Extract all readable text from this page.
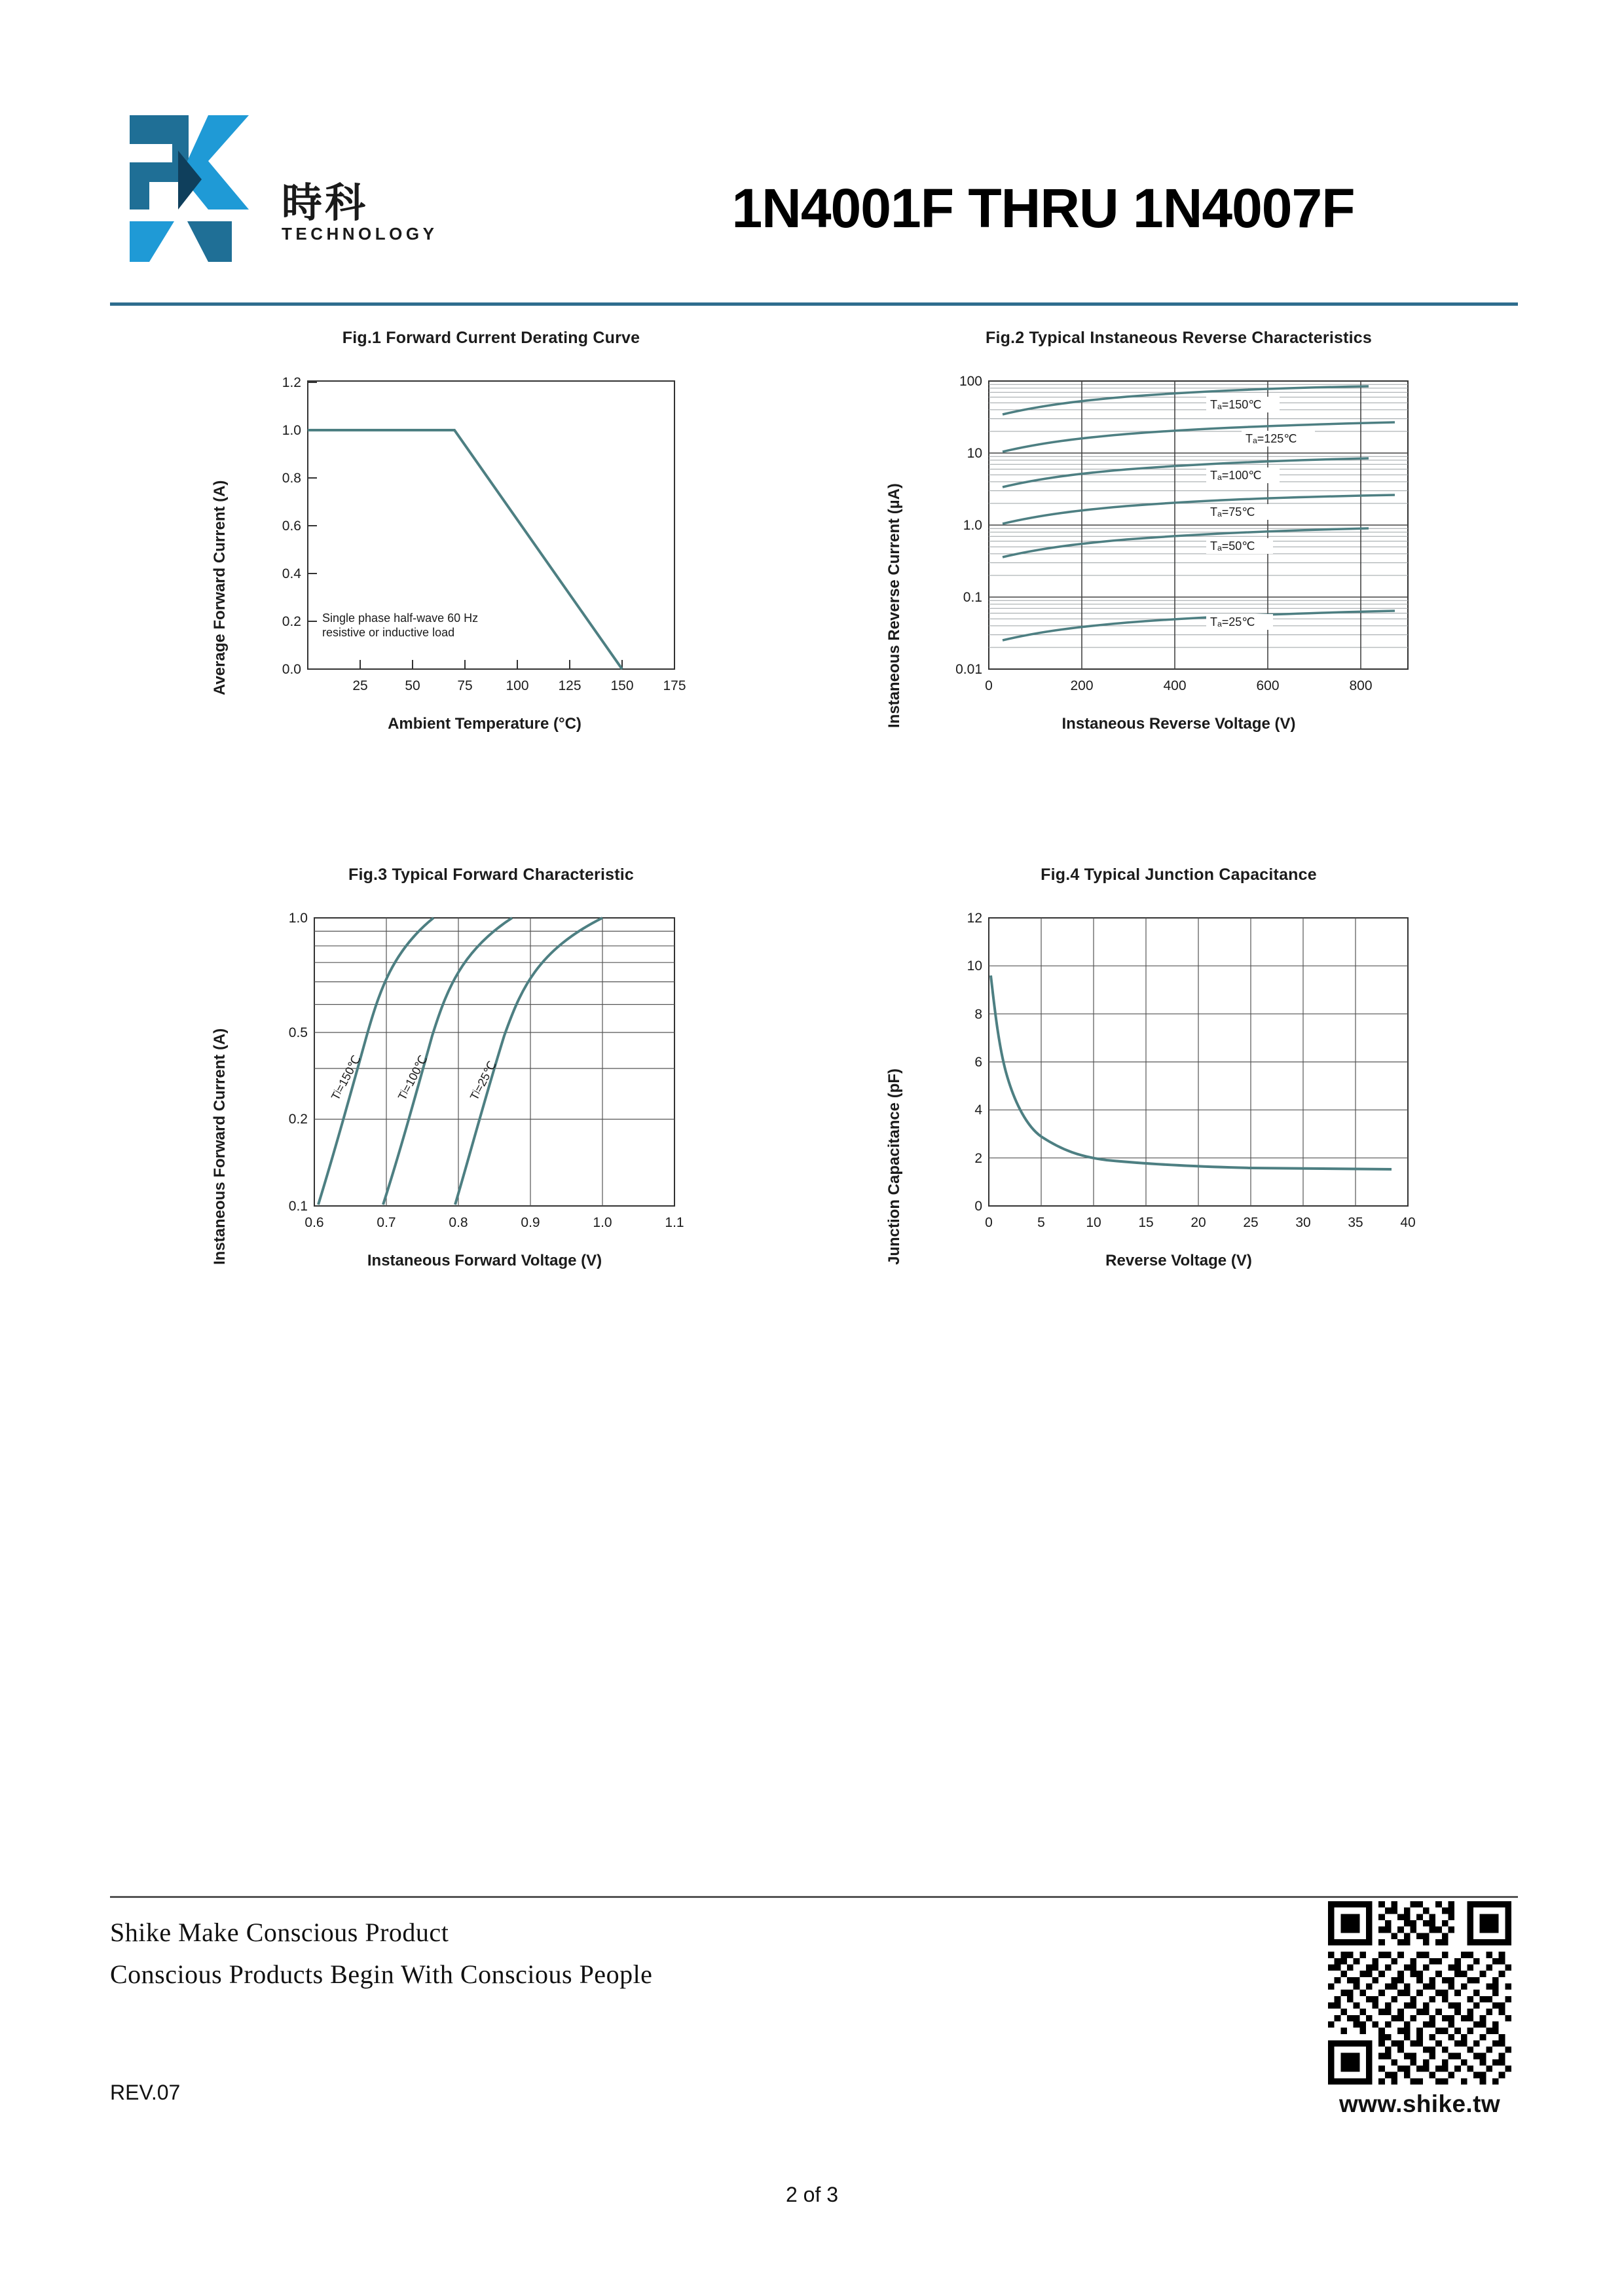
時科
TECHNOLOGY	1N4001F THRU 1N4007F
Fig.1 Forward Current Derating Curve
Average Forward Current (A)	0.0
0.2
0.4
0.6
0.8
1.0
1.2
25	50	75 100 125 150 175
Single phase half-wave 60 Hz
resistive or inductive load
Ambient Temperature (°C)
Fig.2 Typical Instaneous Reverse Characteristics
Instaneous Reverse Current (µA)	0.01
0.1
1.0
10
100
0	200	400	600	800
Tₐ=150℃
Tₐ=125℃
Tₐ=100℃
Tₐ=75℃
Tₐ=50℃
Tₐ=25℃
Instaneous Reverse Voltage (V)
Fig.3 Typical Forward Characteristic
Instaneous Forward Current (A)	0.1
0.2
0.5
1.0
0.6	0.7	0.8	0.9	1.0	1.1
Tʲ=150℃	Tʲ=100℃	Tʲ=25℃
Instaneous Forward Voltage (V)
Fig.4 Typical Junction Capacitance
Junction Capacitance (pF)	0
2
4
6
8
10
12
0	5	10	15	20	25	30	35	40
Reverse Voltage (V)
Shike Make Conscious Product
Conscious Products Begin With Conscious People
REV.07
2 of 3
www.shike.tw
